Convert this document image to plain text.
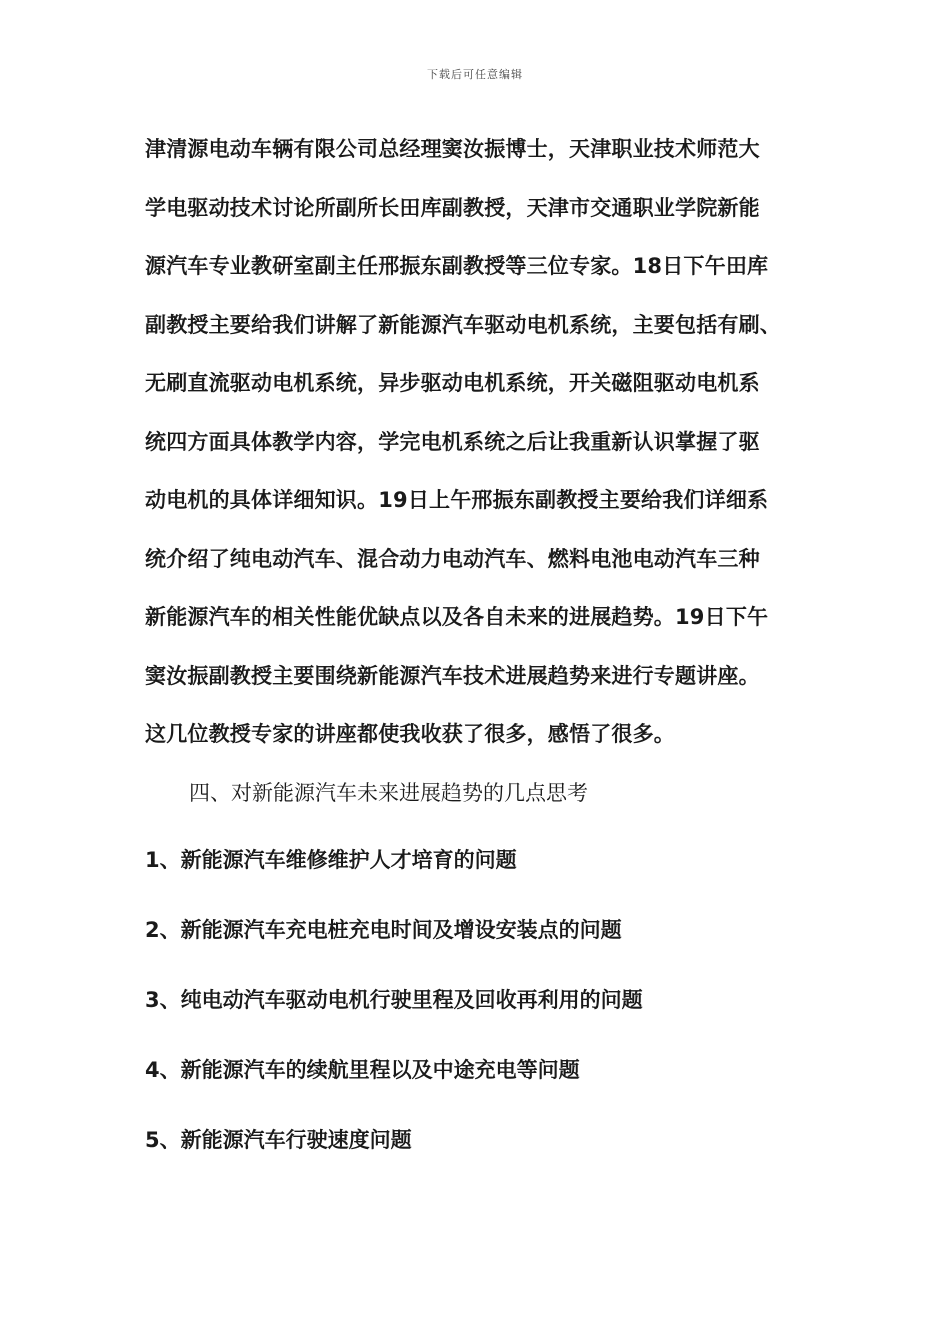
下载后可任意编辑
津清源电动车辆有限公司总经理窦汝振博士，天津职业技术师范大
学电驱动技术讨论所副所长田库副教授，天津市交通职业学院新能
源汽车专业教研室副主任邢振东副教授等三位专家。18日下午田库
副教授主要给我们讲解了新能源汽车驱动电机系统，主要包括有刷、
无刷直流驱动电机系统，异步驱动电机系统，开关磁阻驱动电机系
统四方面具体教学内容，学完电机系统之后让我重新认识掌握了驱
动电机的具体详细知识。19日上午邢振东副教授主要给我们详细系
统介绍了纯电动汽车、混合动力电动汽车、燃料电池电动汽车三种
新能源汽车的相关性能优缺点以及各自未来的进展趋势。19日下午
窦汝振副教授主要围绕新能源汽车技术进展趋势来进行专题讲座。
这几位教授专家的讲座都使我收获了很多，感悟了很多。
四、对新能源汽车未来进展趋势的几点思考
1、新能源汽车维修维护人才培育的问题
2、新能源汽车充电桩充电时间及增设安装点的问题
3、纯电动汽车驱动电机行驶里程及回收再利用的问题
4、新能源汽车的续航里程以及中途充电等问题
5、新能源汽车行驶速度问题
